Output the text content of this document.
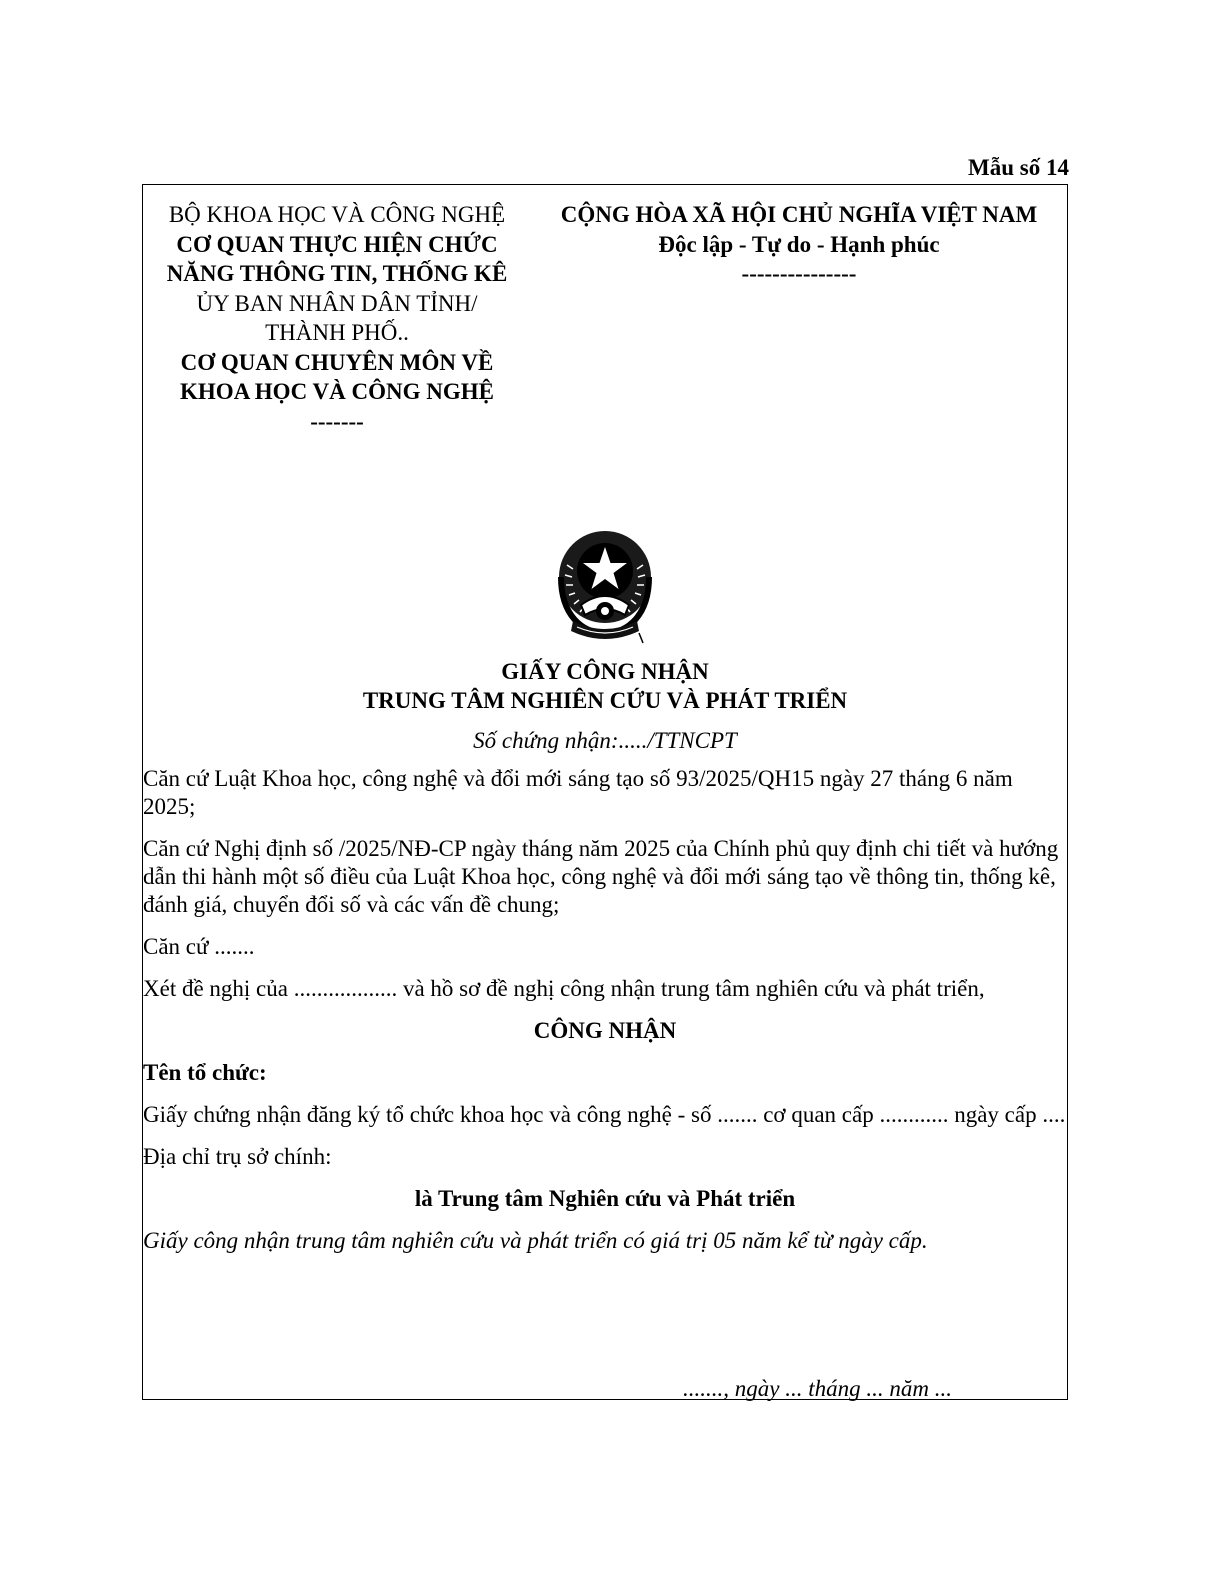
Mẫu số 14
BỘ KHOA HỌC VÀ CÔNG NGHỆ
CƠ QUAN THỰC HIỆN CHỨC
NĂNG THÔNG TIN, THỐNG KÊ
ỦY BAN NHÂN DÂN TỈNH/
THÀNH PHỐ..
CƠ QUAN CHUYÊN MÔN VỀ
KHOA HỌC VÀ CÔNG NGHỆ
-------
CỘNG HÒA XÃ HỘI CHỦ NGHĨA VIỆT NAM
Độc lập - Tự do - Hạnh phúc
---------------
GIẤY CÔNG NHẬN
TRUNG TÂM NGHIÊN CỨU VÀ PHÁT TRIỂN
Số chứng nhận:...../TTNCPT

Căn cứ Luật Khoa học, công nghệ và đổi mới sáng tạo số 93/2025/QH15 ngày 27 tháng 6 năm 2025;

Căn cứ Nghị định số /2025/NĐ-CP ngày tháng năm 2025 của Chính phủ quy định chi tiết và hướng dẫn thi hành một số điều của Luật Khoa học, công nghệ và đổi mới sáng tạo về thông tin, thống kê, đánh giá, chuyển đổi số và các vấn đề chung;

Căn cứ .......

Xét đề nghị của .................. và hồ sơ đề nghị công nhận trung tâm nghiên cứu và phát triển,

CÔNG NHẬN

Tên tổ chức:

Giấy chứng nhận đăng ký tổ chức khoa học và công nghệ - số ....... cơ quan cấp ............ ngày cấp ....

Địa chỉ trụ sở chính:

là Trung tâm Nghiên cứu và Phát triển

Giấy công nhận trung tâm nghiên cứu và phát triển có giá trị 05 năm kể từ ngày cấp.

......., ngày ... tháng ... năm ...
